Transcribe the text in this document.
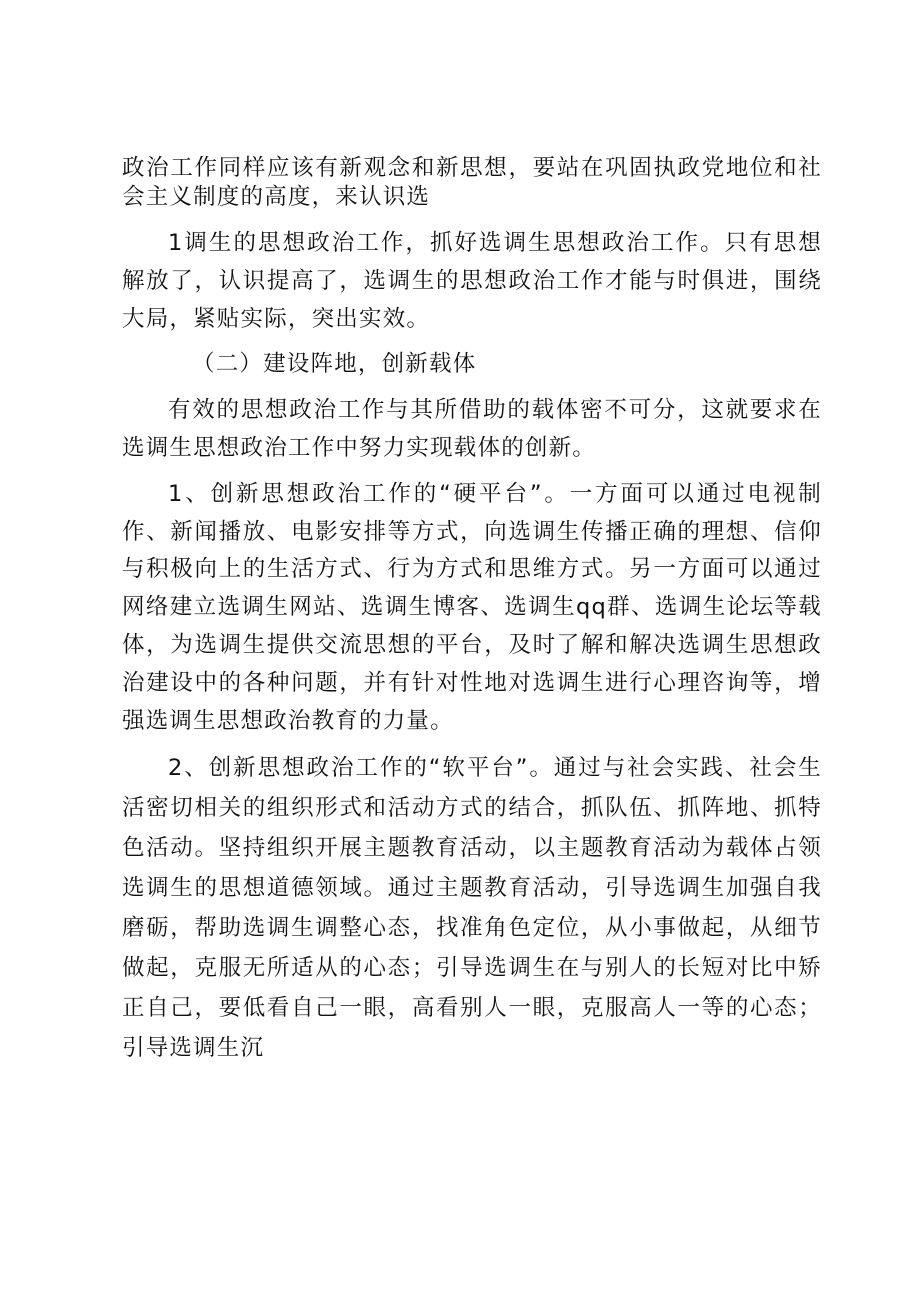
政治工作同样应该有新观念和新思想，要站在巩固执政党地位和社会主义制度的高度，来认识选

1调生的思想政治工作，抓好选调生思想政治工作。只有思想解放了，认识提高了，选调生的思想政治工作才能与时俱进，围绕大局，紧贴实际，突出实效。

（二）建设阵地，创新载体

有效的思想政治工作与其所借助的载体密不可分，这就要求在选调生思想政治工作中努力实现载体的创新。

1、创新思想政治工作的“硬平台”。一方面可以通过电视制作、新闻播放、电影安排等方式，向选调生传播正确的理想、信仰与积极向上的生活方式、行为方式和思维方式。另一方面可以通过网络建立选调生网站、选调生博客、选调生qq群、选调生论坛等载体，为选调生提供交流思想的平台，及时了解和解决选调生思想政治建设中的各种问题，并有针对性地对选调生进行心理咨询等，增强选调生思想政治教育的力量。

2、创新思想政治工作的“软平台”。通过与社会实践、社会生活密切相关的组织形式和活动方式的结合，抓队伍、抓阵地、抓特色活动。坚持组织开展主题教育活动，以主题教育活动为载体占领选调生的思想道德领域。通过主题教育活动，引导选调生加强自我磨砺，帮助选调生调整心态，找准角色定位，从小事做起，从细节做起，克服无所适从的心态；引导选调生在与别人的长短对比中矫正自己，要低看自己一眼，高看别人一眼，克服高人一等的心态；引导选调生沉
